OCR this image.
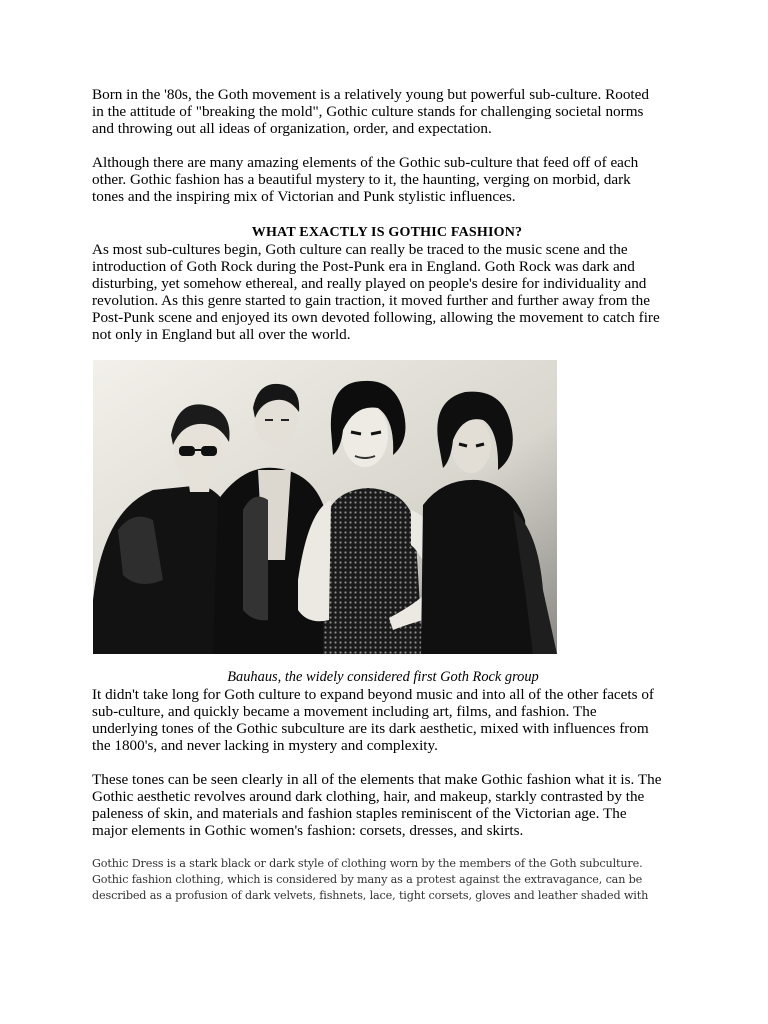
Born in the '80s, the Goth movement is a relatively young but powerful sub-culture. Rooted
in the attitude of "breaking the mold", Gothic culture stands for challenging societal norms
and throwing out all ideas of organization, order, and expectation.

Although there are many amazing elements of the Gothic sub-culture that feed off of each
other. Gothic fashion has a beautiful mystery to it, the haunting, verging on morbid, dark
tones and the inspiring mix of Victorian and Punk stylistic influences.

WHAT EXACTLY IS GOTHIC FASHION?

As most sub-cultures begin, Goth culture can really be traced to the music scene and the
introduction of Goth Rock during the Post-Punk era in England. Goth Rock was dark and
disturbing, yet somehow ethereal, and really played on people's desire for individuality and
revolution. As this genre started to gain traction, it moved further and further away from the
Post-Punk scene and enjoyed its own devoted following, allowing the movement to catch fire
not only in England but all over the world.

Bauhaus, the widely considered first Goth Rock group

It didn't take long for Goth culture to expand beyond music and into all of the other facets of
sub-culture, and quickly became a movement including art, films, and fashion. The
underlying tones of the Gothic subculture are its dark aesthetic, mixed with influences from
the 1800's, and never lacking in mystery and complexity.

These tones can be seen clearly in all of the elements that make Gothic fashion what it is. The
Gothic aesthetic revolves around dark clothing, hair, and makeup, starkly contrasted by the
paleness of skin, and materials and fashion staples reminiscent of the Victorian age. The
major elements in Gothic women's fashion: corsets, dresses, and skirts.

Gothic Dress is a stark black or dark style of clothing worn by the members of the Goth subculture.
Gothic fashion clothing, which is considered by many as a protest against the extravagance, can be
described as a profusion of dark velvets, fishnets, lace, tight corsets, gloves and leather shaded with
